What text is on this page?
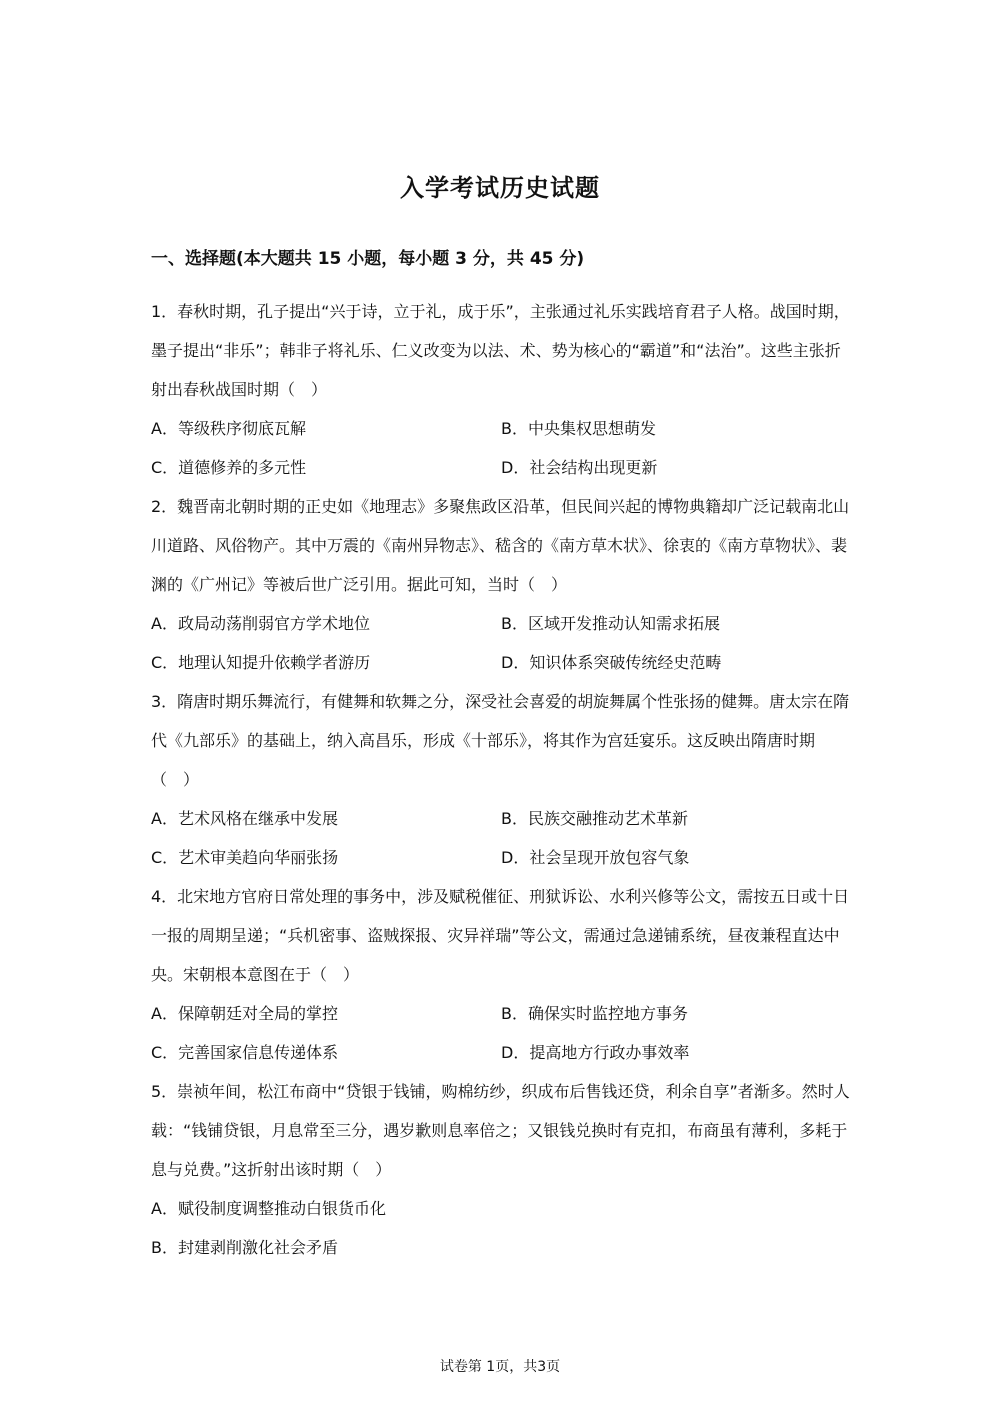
入学考试历史试题
一、选择题(本大题共 15 小题，每小题 3 分，共 45 分)

1．春秋时期，孔子提出“兴于诗，立于礼，成于乐”，主张通过礼乐实践培育君子人格。战国时期，墨子提出“非乐”；韩非子将礼乐、仁义改变为以法、术、势为核心的“霸道”和“法治”。这些主张折射出春秋战国时期（　）

A．等级秩序彻底瓦解	B．中央集权思想萌发
C．道德修养的多元性	D．社会结构出现更新

2．魏晋南北朝时期的正史如《地理志》多聚焦政区沿革，但民间兴起的博物典籍却广泛记载南北山川道路、风俗物产。其中万震的《南州异物志》、嵇含的《南方草木状》、徐衷的《南方草物状》、裴渊的《广州记》等被后世广泛引用。据此可知，当时（　）

A．政局动荡削弱官方学术地位	B．区域开发推动认知需求拓展
C．地理认知提升依赖学者游历	D．知识体系突破传统经史范畴

3．隋唐时期乐舞流行，有健舞和软舞之分，深受社会喜爱的胡旋舞属个性张扬的健舞。唐太宗在隋代《九部乐》的基础上，纳入高昌乐，形成《十部乐》，将其作为宫廷宴乐。这反映出隋唐时期（　）

A．艺术风格在继承中发展	B．民族交融推动艺术革新
C．艺术审美趋向华丽张扬	D．社会呈现开放包容气象

4．北宋地方官府日常处理的事务中，涉及赋税催征、刑狱诉讼、水利兴修等公文，需按五日或十日一报的周期呈递；“兵机密事、盗贼探报、灾异祥瑞”等公文，需通过急递铺系统，昼夜兼程直达中央。宋朝根本意图在于（　）

A．保障朝廷对全局的掌控	B．确保实时监控地方事务
C．完善国家信息传递体系	D．提高地方行政办事效率

5．崇祯年间，松江布商中“贷银于钱铺，购棉纺纱，织成布后售钱还贷，利余自享”者渐多。然时人载：“钱铺贷银，月息常至三分，遇岁歉则息率倍之；又银钱兑换时有克扣，布商虽有薄利，多耗于息与兑费。”这折射出该时期（　）

A．赋役制度调整推动白银货币化
B．封建剥削激化社会矛盾
试卷第 1页，共3页
